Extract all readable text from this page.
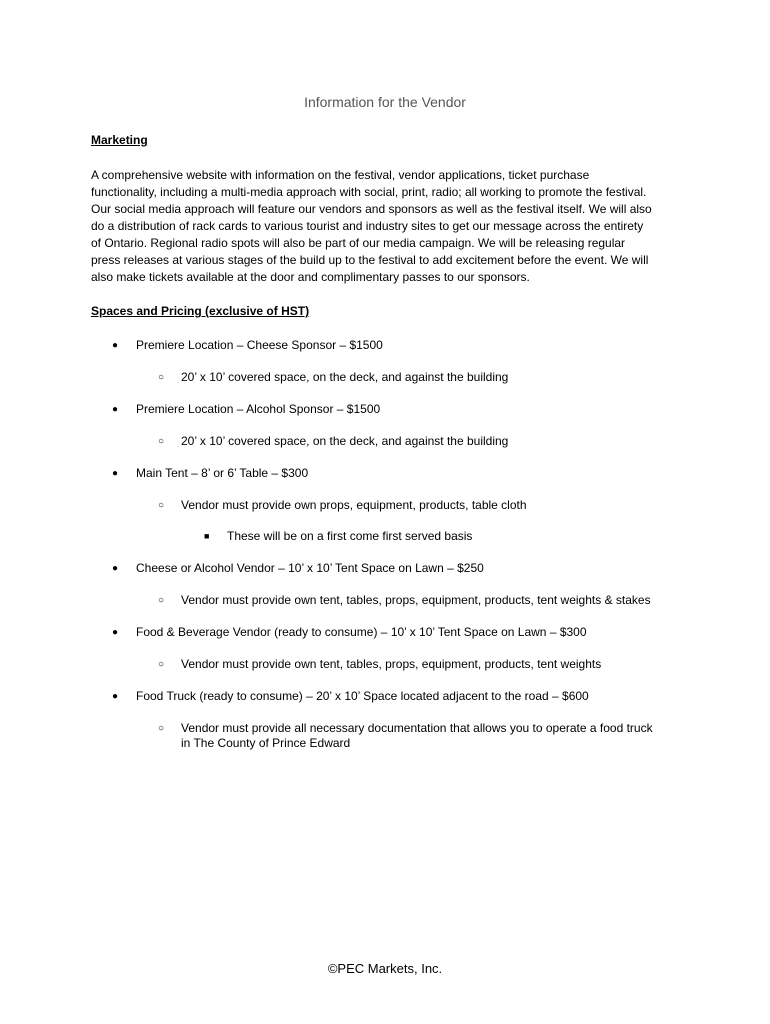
Information for the Vendor
Marketing
A comprehensive website with information on the festival, vendor applications, ticket purchase
functionality, including a multi-media approach with social, print, radio; all working to promote the festival.
Our social media approach will feature our vendors and sponsors as well as the festival itself. We will also
do a distribution of rack cards to various tourist and industry sites to get our message across the entirety
of Ontario. Regional radio spots will also be part of our media campaign. We will be releasing regular
press releases at various stages of the build up to the festival to add excitement before the event. We will
also make tickets available at the door and complimentary passes to our sponsors.
Spaces and Pricing (exclusive of HST)
● Premiere Location – Cheese Sponsor – $1500
○ 20’ x 10’ covered space, on the deck, and against the building
● Premiere Location – Alcohol Sponsor – $1500
○ 20’ x 10’ covered space, on the deck, and against the building
● Main Tent – 8’ or 6’ Table – $300
○ Vendor must provide own props, equipment, products, table cloth
■ These will be on a first come first served basis
● Cheese or Alcohol Vendor – 10’ x 10’ Tent Space on Lawn – $250
○ Vendor must provide own tent, tables, props, equipment, products, tent weights & stakes
● Food & Beverage Vendor (ready to consume) – 10’ x 10’ Tent Space on Lawn – $300
○ Vendor must provide own tent, tables, props, equipment, products, tent weights
● Food Truck (ready to consume) – 20’ x 10’ Space located adjacent to the road – $600
○ Vendor must provide all necessary documentation that allows you to operate a food truck
in The County of Prince Edward
©PEC Markets, Inc.
